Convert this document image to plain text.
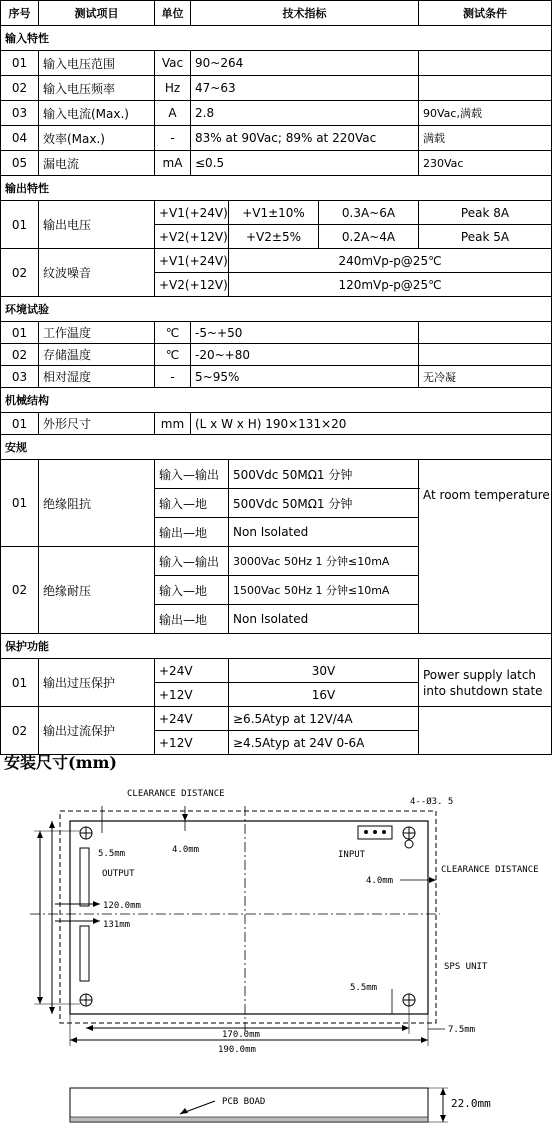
序号	测试项目	单位	技术指标			测试条件
输入特性						
01	输入电压范围	Vac	90~264			
02	输入电压频率	Hz	47~63			
03	输入电流(Max.)	A	2.8			90Vac,满载
04	效率(Max.)	-	83% at 90Vac; 89% at 220Vac			满载
05	漏电流	mA	≤0.5			230Vac
输出特性						
01	输出电压	+V1(+24V)		+V1±10%	0.3A~6A	Peak 8A
		+V2(+12V)		+V2±5%	0.2A~4A	Peak 5A
02	纹波噪音	+V1(+24V)		240mVp-p@25℃		
		+V2(+12V)		120mVp-p@25℃		
环境试验						
01	工作温度	℃	-5~+50			
02	存储温度	℃	-20~+80			
03	相对湿度	-	5~95%			无冷凝
机械结构						
01	外形尺寸	mm	(L x W x H) 190×131×20			
安规						
01	绝缘阻抗	输入—输出		500Vdc 50MΩ1 分钟		At room temperature
		输入—地		500Vdc 50MΩ1 分钟		
		输出—地		Non Isolated		
02	绝缘耐压	输入—输出		3000Vac 50Hz 1 分钟≤10mA		
		输入—地		1500Vac 50Hz 1 分钟≤10mA		
		输出—地		Non Isolated		
保护功能						
01	输出过压保护	+24V		30V		Power supply latch into shutdown state
		+12V		16V		
02	输出过流保护	+24V		≥6.5Atyp at 12V/4A		
		+12V		≥4.5Atyp at 24V 0-6A		
安装尺寸(mm)
CLEARANCE DISTANCE
4--Ø3. 5
5.5mm	4.0mm	INPUT
OUTPUT	CLEARANCE DISTANCE
4.0mm
120.0mm
131mm
SPS UNIT
5.5mm
7.5mm
170.0mm
190.0mm
PCB BOAD	22.0mm
